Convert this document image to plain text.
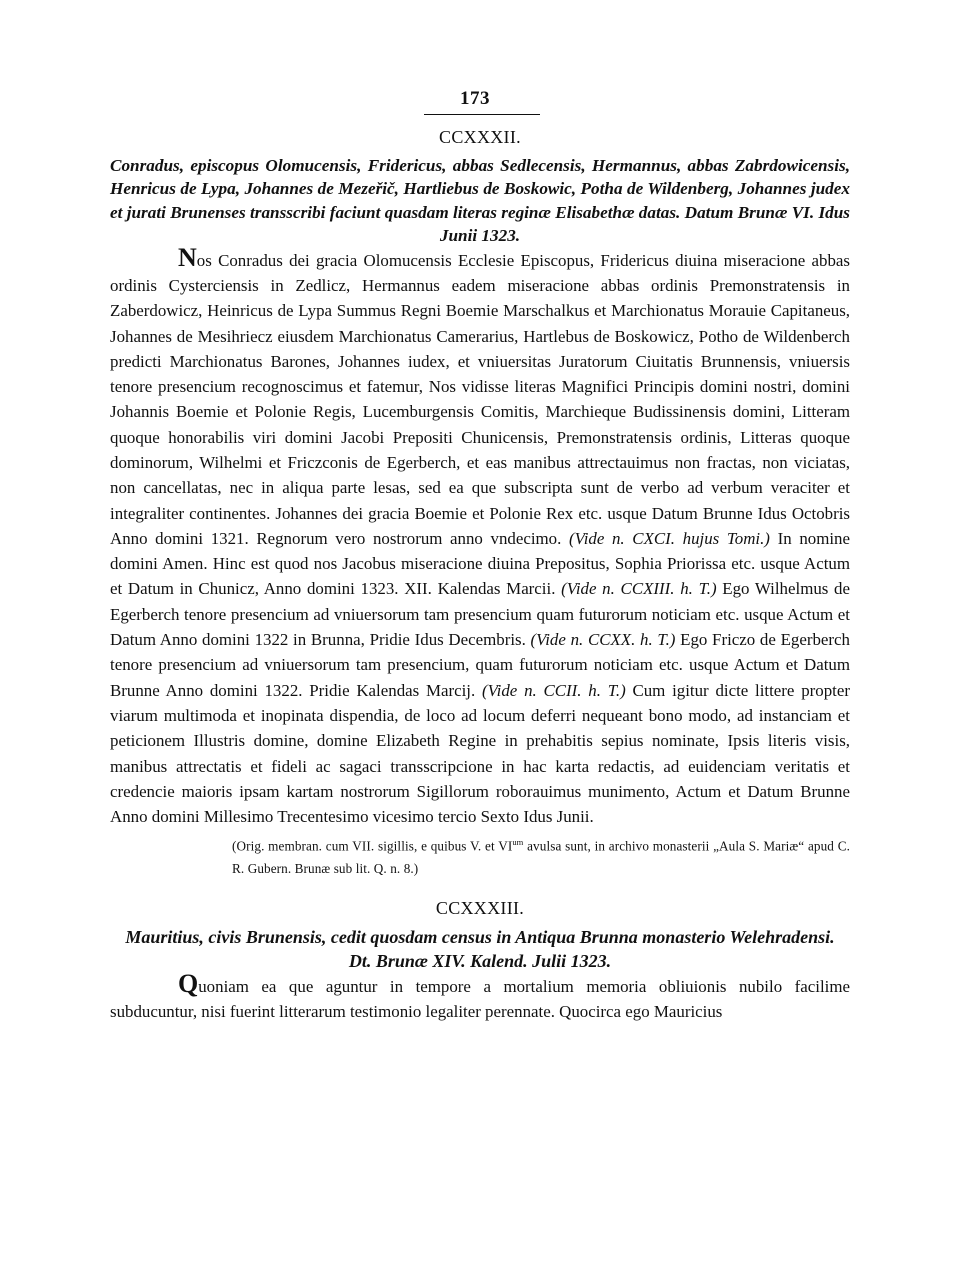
173
CCXXXII.

Conradus, episcopus Olomucensis, Fridericus, abbas Sedlecensis, Hermannus, abbas Zabrdowicensis, Henricus de Lypa, Johannes de Mezeřič, Hartliebus de Boskowic, Potha de Wildenberg, Johannes judex et jurati Brunenses transscribi faciunt quasdam literas reginæ Elisabethæ datas. Datum Brunæ VI. Idus Junii 1323.

Nos Conradus dei gracia Olomucensis Ecclesie Episcopus, Fridericus diuina miseracione abbas ordinis Cysterciensis in Zedlicz, Hermannus eadem miseracione abbas ordinis Premonstratensis in Zaberdowicz, Heinricus de Lypa Summus Regni Boemie Marschalkus et Marchionatus Morauie Capitaneus, Johannes de Mesihriecz eiusdem Marchionatus Camerarius, Hartlebus de Boskowicz, Potho de Wildenberch predicti Marchionatus Barones, Johannes iudex, et vniuersitas Juratorum Ciuitatis Brunnensis, vniuersis tenore presencium recognoscimus et fatemur, Nos vidisse literas Magnifici Principis domini nostri, domini Johannis Boemie et Polonie Regis, Lucemburgensis Comitis, Marchieque Budissinensis domini, Litteram quoque honorabilis viri domini Jacobi Prepositi Chunicensis, Premonstratensis ordinis, Litteras quoque dominorum, Wilhelmi et Friczconis de Egerberch, et eas manibus attrectauimus non fractas, non viciatas, non cancellatas, nec in aliqua parte lesas, sed ea que subscripta sunt de verbo ad verbum veraciter et integraliter continentes. Johannes dei gracia Boemie et Polonie Rex etc. usque Datum Brunne Idus Octobris Anno domini 1321. Regnorum vero nostrorum anno vndecimo. (Vide n. CXCI. hujus Tomi.) In nomine domini Amen. Hinc est quod nos Jacobus miseracione diuina Prepositus, Sophia Priorissa etc. usque Actum et Datum in Chunicz, Anno domini 1323. XII. Kalendas Marcii. (Vide n. CCXIII. h. T.) Ego Wilhelmus de Egerberch tenore presencium ad vniuersorum tam presencium quam futurorum noticiam etc. usque Actum et Datum Anno domini 1322 in Brunna, Pridie Idus Decembris. (Vide n. CCXX. h. T.) Ego Friczo de Egerberch tenore presencium ad vniuersorum tam presencium, quam futurorum noticiam etc. usque Actum et Datum Brunne Anno domini 1322. Pridie Kalendas Marcij. (Vide n. CCII. h. T.) Cum igitur dicte littere propter viarum multimoda et inopinata dispendia, de loco ad locum deferri nequeant bono modo, ad instanciam et peticionem Illustris domine, domine Elizabeth Regine in prehabitis sepius nominate, Ipsis literis visis, manibus attrectatis et fideli ac sagaci transscripcione in hac karta redactis, ad euidenciam veritatis et credencie maioris ipsam kartam nostrorum Sigillorum roborauimus munimento, Actum et Datum Brunne Anno domini Millesimo Trecentesimo vicesimo tercio Sexto Idus Junii.

(Orig. membran. cum VII. sigillis, e quibus V. et $VI^{um}$ avulsa sunt, in archivo monasterii „Aula S. Mariæ“ apud C. R. Gubern. Brunæ sub lit. Q. n. 8.)

CCXXXIII.

Mauritius, civis Brunensis, cedit quosdam census in Antiqua Brunna monasterio Welehradensi.
Dt. Brunæ XIV. Kalend. Julii 1323.

Quoniam ea que aguntur in tempore a mortalium memoria obliuionis nubilo facilime subducuntur, nisi fuerint litterarum testimonio legaliter perennate. Quocirca ego Mauricius
